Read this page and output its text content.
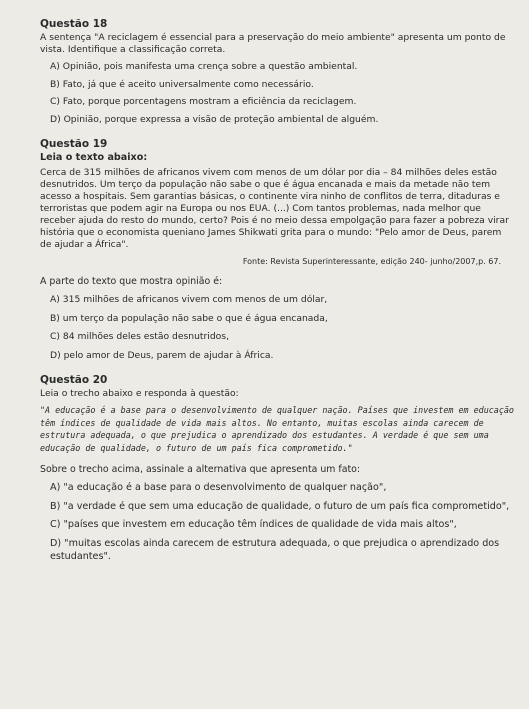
Questão 18

A sentença "A reciclagem é essencial para a preservação do meio ambiente" apresenta um ponto de vista. Identifique a classificação correta.

A) Opinião, pois manifesta uma crença sobre a questão ambiental.
B) Fato, já que é aceito universalmente como necessário.
C) Fato, porque porcentagens mostram a eficiência da reciclagem.
D) Opinião, porque expressa a visão de proteção ambiental de alguém.
Questão 19
Leia o texto abaixo:

Cerca de 315 milhões de africanos vivem com menos de um dólar por dia – 84 milhões deles estão desnutridos. Um terço da população não sabe o que é água encanada e mais da metade não tem acesso a hospitais. Sem garantias básicas, o continente vira ninho de conflitos de terra, ditaduras e terroristas que podem agir na Europa ou nos EUA. (...) Com tantos problemas, nada melhor que receber ajuda do resto do mundo, certo? Pois é no meio dessa empolgação para fazer a pobreza virar história que o economista queniano James Shikwati grita para o mundo: "Pelo amor de Deus, parem de ajudar a África".

Fonte: Revista Superinteressante, edição 240- junho/2007,p. 67.
A parte do texto que mostra opinião é:
A) 315 milhões de africanos vivem com menos de um dólar,
B) um terço da população não sabe o que é água encanada,
C) 84 milhões deles estão desnutridos,
D) pelo amor de Deus, parem de ajudar à África.
Questão 20
Leia o trecho abaixo e responda à questão:

"A educação é a base para o desenvolvimento de qualquer nação. Países que investem em educação têm índices de qualidade de vida mais altos. No entanto, muitas escolas ainda carecem de estrutura adequada, o que prejudica o aprendizado dos estudantes. A verdade é que sem uma educação de qualidade, o futuro de um país fica comprometido."

Sobre o trecho acima, assinale a alternativa que apresenta um fato:
A) "a educação é a base para o desenvolvimento de qualquer nação",
B) "a verdade é que sem uma educação de qualidade, o futuro de um país fica comprometido",
C) "países que investem em educação têm índices de qualidade de vida mais altos",
D) "muitas escolas ainda carecem de estrutura adequada, o que prejudica o aprendizado dos estudantes".
